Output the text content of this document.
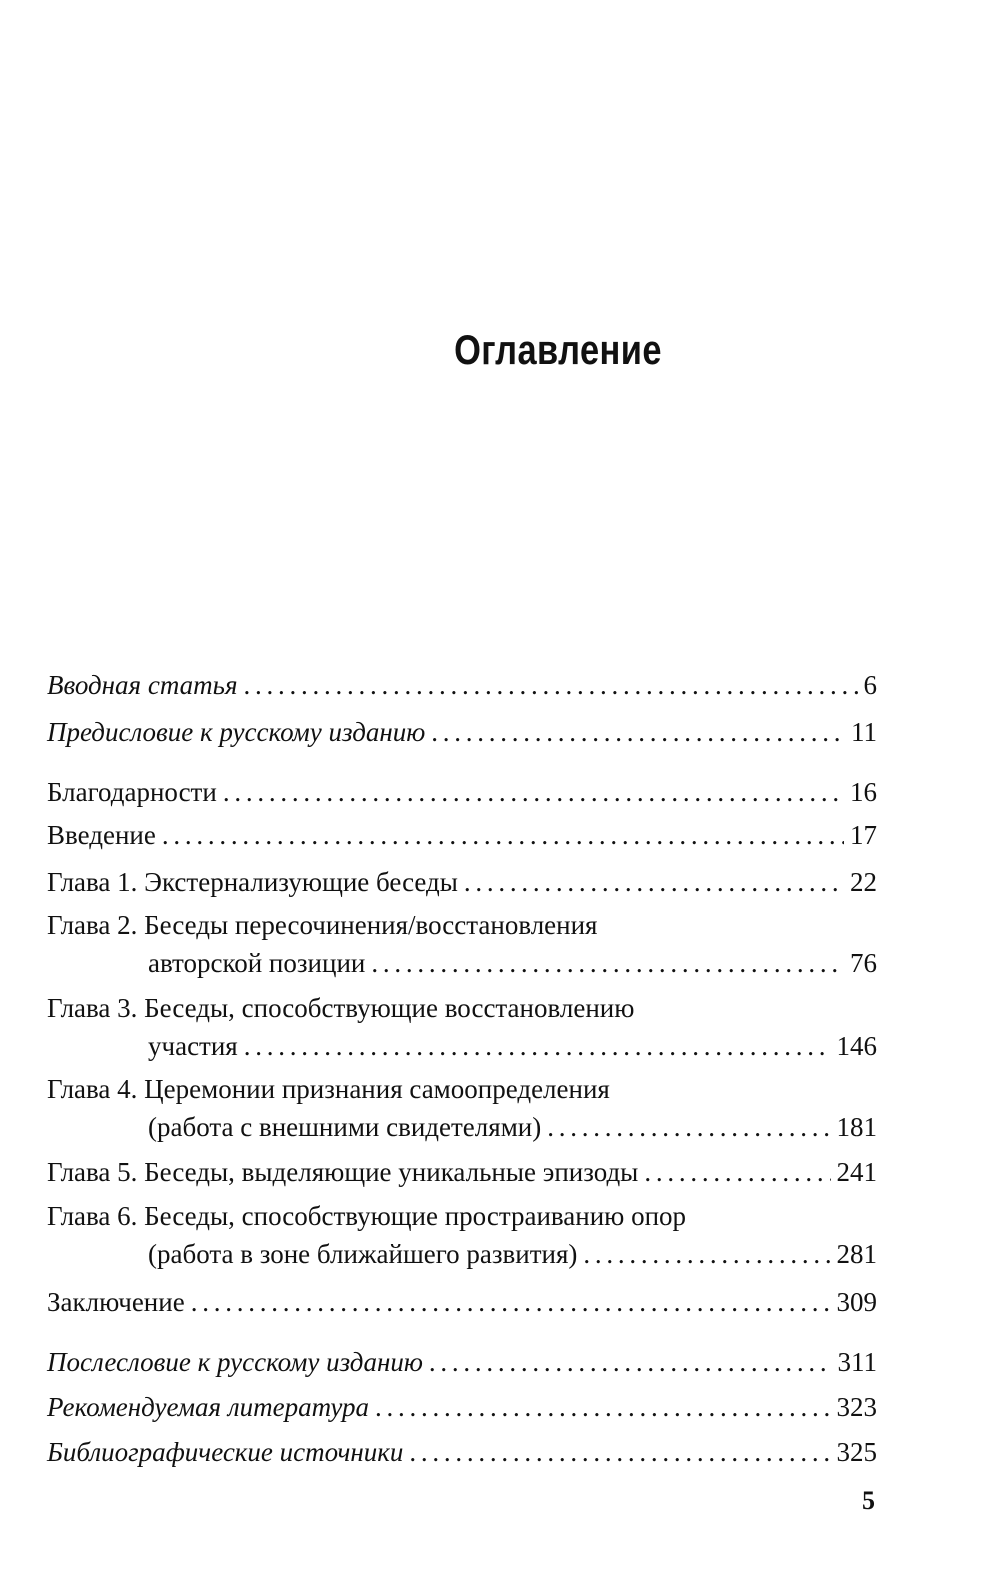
Оглавление
Вводная статья . . .	6
Предисловие к русскому изданию . . .	11
Благодарности . . .	16
Введение . . .	17
Глава 1. Экстернализующие беседы . . .	22
Глава 2. Беседы пересочинения/восстановления
авторской позиции . . .	76
Глава 3. Беседы, способствующие восстановлению
участия . . .	146
Глава 4. Церемонии признания самоопределения
(работа с внешними свидетелями) . . .	181
Глава 5. Беседы, выделяющие уникальные эпизоды . . .	241
Глава 6. Беседы, способствующие простраиванию опор
(работа в зоне ближайшего развития) . . .	281
Заключение . . .	309
Послесловие к русскому изданию . . .	311
Рекомендуемая литература . . .	323
Библиографические источники . . .	325
5
